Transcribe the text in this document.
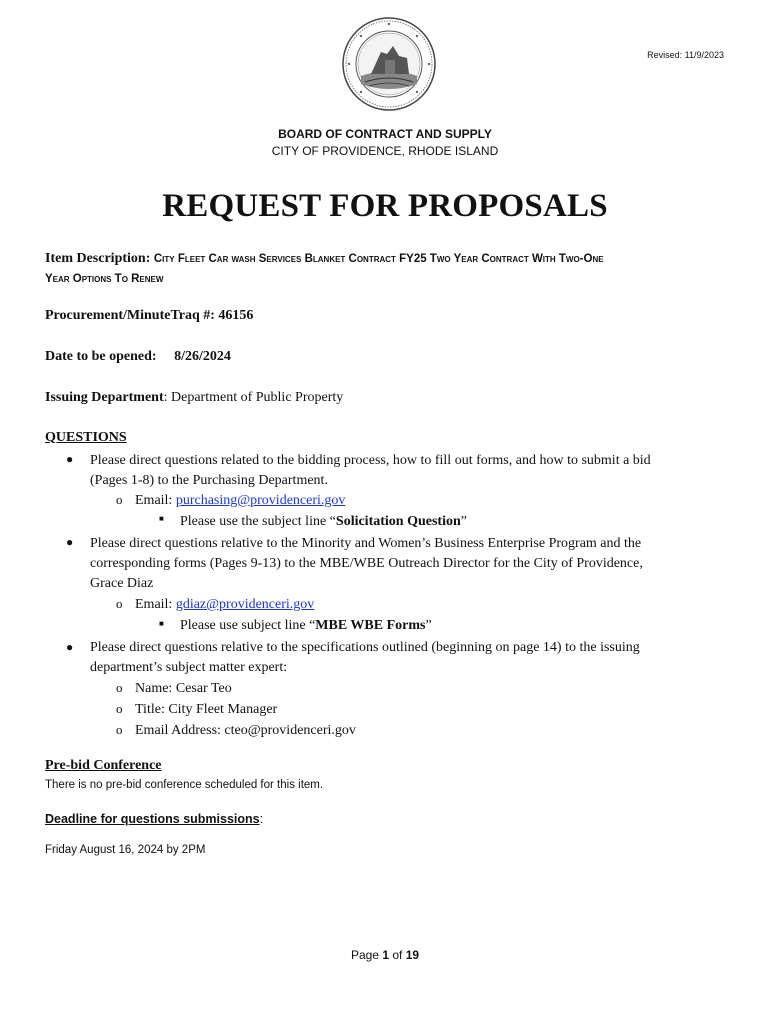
Revised: 11/9/2023
BOARD OF CONTRACT AND SUPPLY
CITY OF PROVIDENCE, RHODE ISLAND
REQUEST FOR PROPOSALS
Item Description: City Fleet Car wash Services Blanket Contract FY25 Two Year Contract With Two-One
Year Options To Renew
Procurement/MinuteTraq #: 46156
Date to be opened: 8/26/2024
Issuing Department: Department of Public Property
QUESTIONS
● Please direct questions related to the bidding process, how to fill out forms, and how to submit a bid
(Pages 1-8) to the Purchasing Department.
o Email: purchasing@providenceri.gov
■ Please use the subject line “Solicitation Question”
● Please direct questions relative to the Minority and Women’s Business Enterprise Program and the
corresponding forms (Pages 9-13) to the MBE/WBE Outreach Director for the City of Providence,
Grace Diaz
o Email: gdiaz@providenceri.gov
■ Please use subject line “MBE WBE Forms”
● Please direct questions relative to the specifications outlined (beginning on page 14) to the issuing
department’s subject matter expert:
o Name: Cesar Teo
o Title: City Fleet Manager
o Email Address: cteo@providenceri.gov
Pre-bid Conference
There is no pre-bid conference scheduled for this item.
Deadline for questions submissions:
Friday August 16, 2024 by 2PM
Page 1 of 19
